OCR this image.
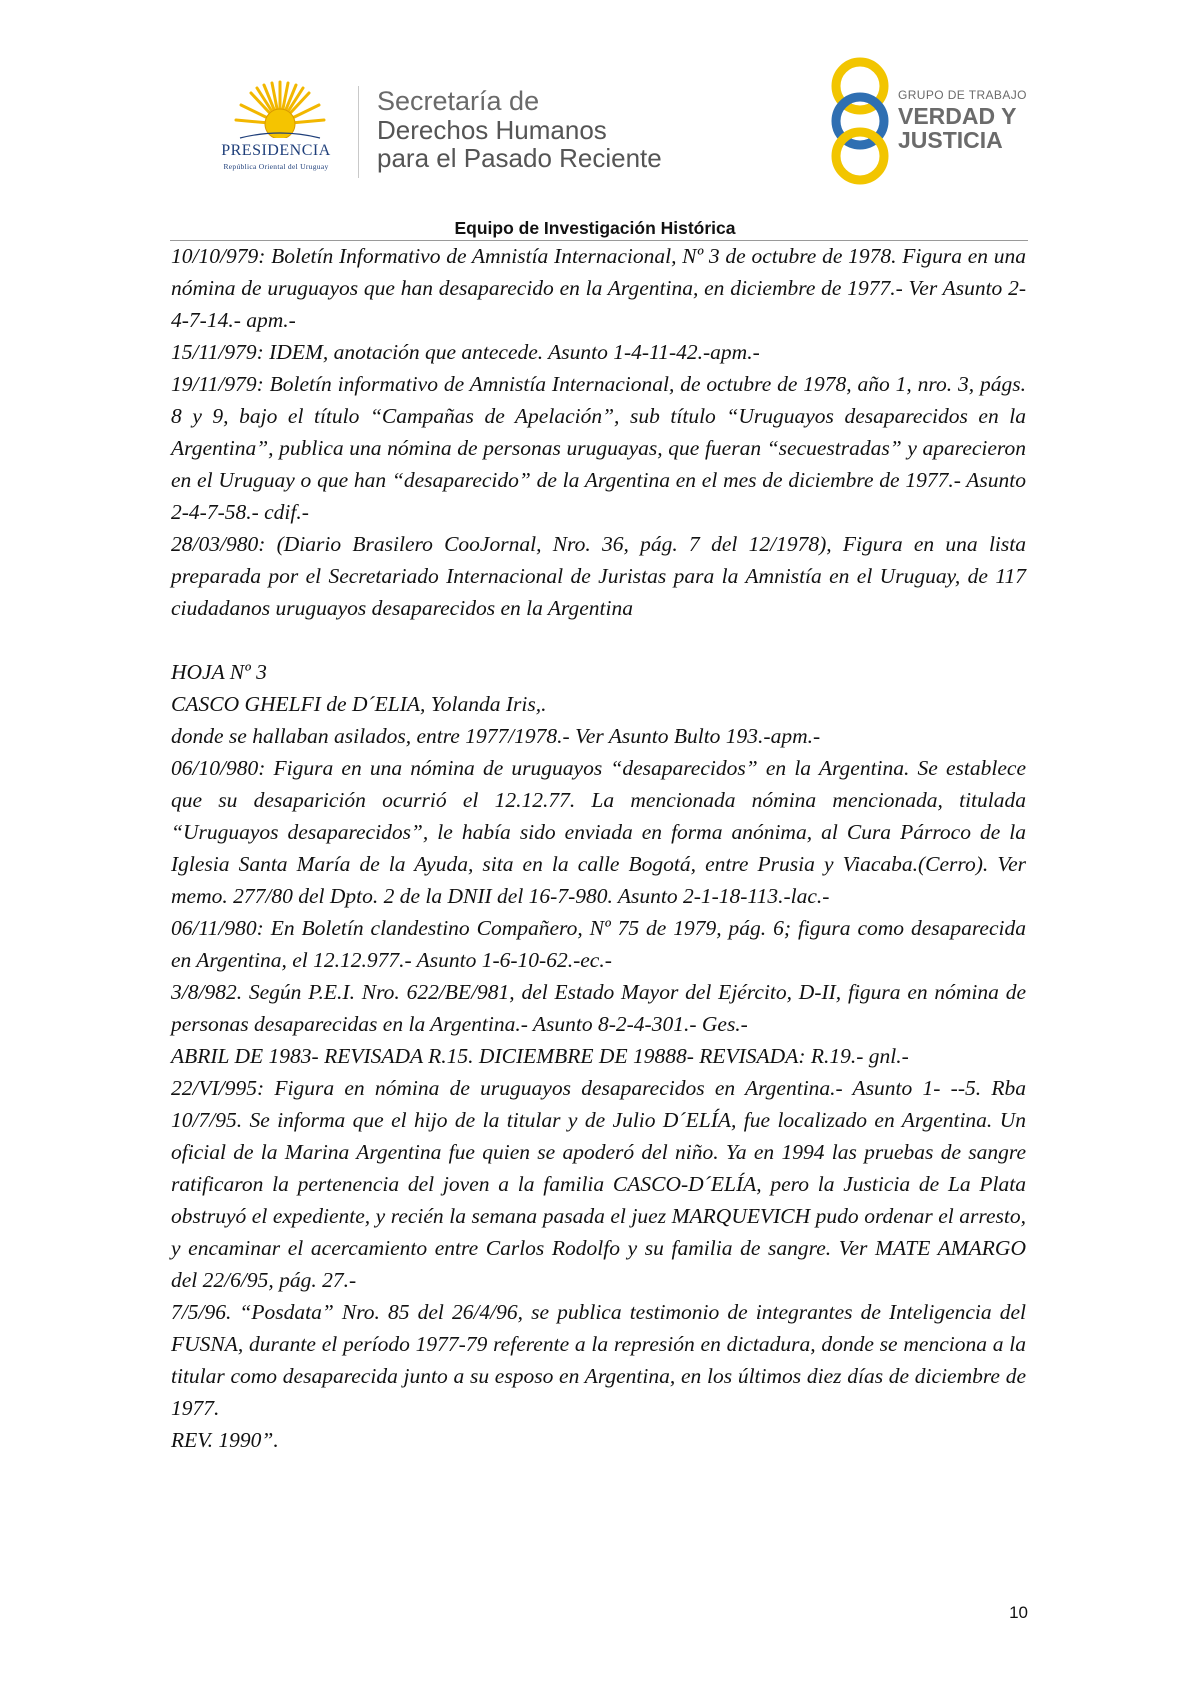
PRESIDENCIA
República Oriental del Uruguay
Secretaría de
Derechos Humanos
para el Pasado Reciente
GRUPO DE TRABAJO
VERDAD Y
JUSTICIA
Equipo de Investigación Histórica

10/10/979: Boletín Informativo de Amnistía Internacional, Nº 3 de octubre de 1978. Figura en una nómina de uruguayos que han desaparecido en la Argentina, en diciembre de 1977.- Ver Asunto 2-4-7-14.- apm.-

15/11/979: IDEM, anotación que antecede. Asunto 1-4-11-42.-apm.-

19/11/979: Boletín informativo de Amnistía Internacional, de octubre de 1978, año 1, nro. 3, págs. 8 y 9, bajo el título “Campañas de Apelación”, sub título “Uruguayos desaparecidos en la Argentina”, publica una nómina de personas uruguayas, que fueran “secuestradas” y aparecieron en el Uruguay o que han “desaparecido” de la Argentina en el mes de diciembre de 1977.- Asunto 2-4-7-58.- cdif.-

28/03/980: (Diario Brasilero CooJornal, Nro. 36, pág. 7 del 12/1978), Figura en una lista preparada por el Secretariado Internacional de Juristas para la Amnistía en el Uruguay, de 117 ciudadanos uruguayos desaparecidos en la Argentina

HOJA Nº 3

CASCO GHELFI de D´ELIA, Yolanda Iris,.

donde se hallaban asilados, entre 1977/1978.- Ver Asunto Bulto 193.-apm.-

06/10/980: Figura en una nómina de uruguayos “desaparecidos” en la Argentina. Se establece que su desaparición ocurrió el 12.12.77. La mencionada nómina mencionada, titulada “Uruguayos desaparecidos”, le había sido enviada en forma anónima, al Cura Párroco de la Iglesia Santa María de la Ayuda, sita en la calle Bogotá, entre Prusia y Viacaba.(Cerro). Ver memo. 277/80 del Dpto. 2 de la DNII del 16-7-980. Asunto 2-1-18-113.-lac.-

06/11/980: En Boletín clandestino Compañero, Nº 75 de 1979, pág. 6; figura como desaparecida en Argentina, el 12.12.977.- Asunto 1-6-10-62.-ec.-

3/8/982. Según P.E.I. Nro. 622/BE/981, del Estado Mayor del Ejército, D-II, figura en nómina de personas desaparecidas en la Argentina.- Asunto 8-2-4-301.- Ges.-

ABRIL DE 1983- REVISADA R.15. DICIEMBRE DE 19888- REVISADA: R.19.- gnl.-

22/VI/995: Figura en nómina de uruguayos desaparecidos en Argentina.- Asunto 1- --5. Rba 10/7/95. Se informa que el hijo de la titular y de Julio D´ELÍA, fue localizado en Argentina. Un oficial de la Marina Argentina fue quien se apoderó del niño. Ya en 1994 las pruebas de sangre ratificaron la pertenencia del joven a la familia CASCO-D´ELÍA, pero la Justicia de La Plata obstruyó el expediente, y recién la semana pasada el juez MARQUEVICH pudo ordenar el arresto, y encaminar el acercamiento entre Carlos Rodolfo y su familia de sangre. Ver MATE AMARGO del 22/6/95, pág. 27.-

7/5/96. “Posdata” Nro. 85 del 26/4/96, se publica testimonio de integrantes de Inteligencia del FUSNA, durante el período 1977-79 referente a la represión en dictadura, donde se menciona a la titular como desaparecida junto a su esposo en Argentina, en los últimos diez días de diciembre de 1977.

REV. 1990”.

10
